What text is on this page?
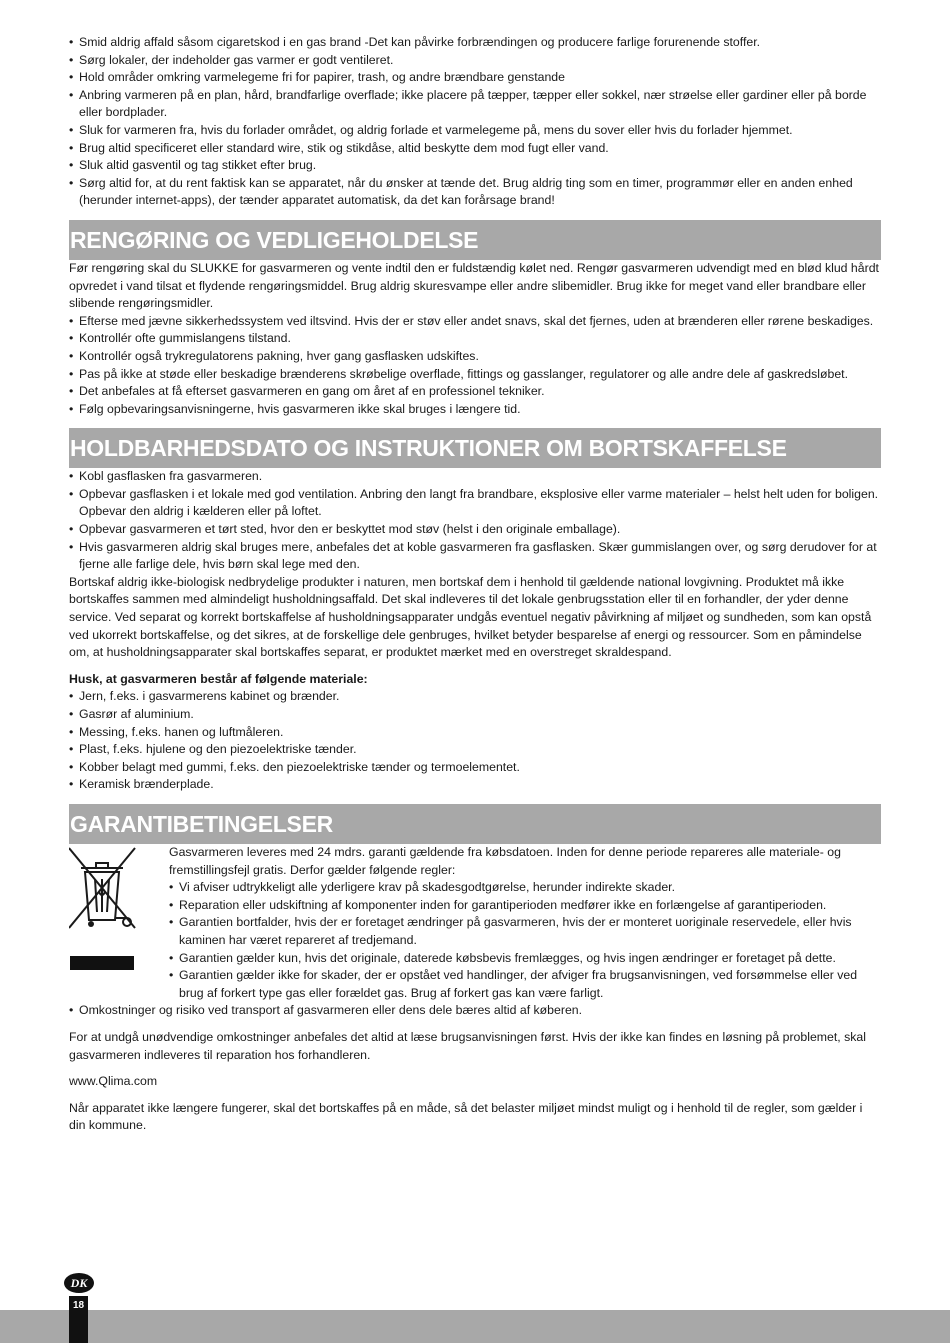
• Smid aldrig affald såsom cigaretskod i en gas brand -Det kan påvirke forbrændingen og producere farlige forurenende stoffer.
• Sørg lokaler, der indeholder gas varmer er godt ventileret.
• Hold områder omkring varmelegeme fri for papirer, trash, og andre brændbare genstande
• Anbring varmeren på en plan, hård, brandfarlige overflade; ikke placere på tæpper, tæpper eller sokkel, nær strøelse eller gardiner eller på borde eller bordplader.
• Sluk for varmeren fra, hvis du forlader området, og aldrig forlade et varmelegeme på, mens du sover eller hvis du forlader hjemmet.
• Brug altid specificeret eller standard wire, stik og stikdåse, altid beskytte dem mod fugt eller vand.
• Sluk altid gasventil og tag stikket efter brug.
• Sørg altid for, at du rent faktisk kan se apparatet, når du ønsker at tænde det. Brug aldrig ting som en timer, programmør eller en anden enhed (herunder internet-apps), der tænder apparatet automatisk, da det kan forårsage brand!
RENGØRING OG VEDLIGEHOLDELSE

Før rengøring skal du SLUKKE for gasvarmeren og vente indtil den er fuldstændig kølet ned. Rengør gasvarmeren udvendigt med en blød klud hårdt opvredet i vand tilsat et flydende rengøringsmiddel. Brug aldrig skuresvampe eller andre slibemidler. Brug ikke for meget vand eller brandbare eller slibende rengøringsmidler.

• Efterse med jævne sikkerhedssystem ved iltsvind. Hvis der er støv eller andet snavs, skal det fjernes, uden at brænderen eller rørene beskadiges.
• Kontrollér ofte gummislangens tilstand.
• Kontrollér også trykregulatorens pakning, hver gang gasflasken udskiftes.
• Pas på ikke at støde eller beskadige brænderens skrøbelige overflade, fittings og gasslanger, regulatorer og alle andre dele af gaskredsløbet.
• Det anbefales at få efterset gasvarmeren en gang om året af en professionel tekniker.
• Følg opbevaringsanvisningerne, hvis gasvarmeren ikke skal bruges i længere tid.
HOLDBARHEDSDATO OG INSTRUKTIONER OM BORTSKAFFELSE
• Kobl gasflasken fra gasvarmeren.
• Opbevar gasflasken i et lokale med god ventilation. Anbring den langt fra brandbare, eksplosive eller varme materialer – helst helt uden for boligen. Opbevar den aldrig i kælderen eller på loftet.
• Opbevar gasvarmeren et tørt sted, hvor den er beskyttet mod støv (helst i den originale emballage).
• Hvis gasvarmeren aldrig skal bruges mere, anbefales det at koble gasvarmeren fra gasflasken. Skær gummislangen over, og sørg derudover for at fjerne alle farlige dele, hvis børn skal lege med den.

Bortskaf aldrig ikke-biologisk nedbrydelige produkter i naturen, men bortskaf dem i henhold til gældende national lovgivning. Produktet må ikke bortskaffes sammen med almindeligt husholdningsaffald. Det skal indleveres til det lokale genbrugsstation eller til en forhandler, der yder denne service. Ved separat og korrekt bortskaffelse af husholdningsapparater undgås eventuel negativ påvirkning af miljøet og sundheden, som kan opstå ved ukorrekt bortskaffelse, og det sikres, at de forskellige dele genbruges, hvilket betyder besparelse af energi og ressourcer. Som en påmindelse om, at husholdningsapparater skal bortskaffes separat, er produktet mærket med en overstreget skraldespand.

Husk, at gasvarmeren består af følgende materiale:

• Jern, f.eks. i gasvarmerens kabinet og brænder.
• Gasrør af aluminium.
• Messing, f.eks. hanen og luftmåleren.
• Plast, f.eks. hjulene og den piezoelektriske tænder.
• Kobber belagt med gummi, f.eks. den piezoelektriske tænder og termoelementet.
• Keramisk brænderplade.
GARANTIBETINGELSER

Gasvarmeren leveres med 24 mdrs. garanti gældende fra købsdatoen. Inden for denne periode repareres alle materiale- og fremstillingsfejl gratis. Derfor gælder følgende regler:

• Vi afviser udtrykkeligt alle yderligere krav på skadesgodtgørelse, herunder indirekte skader.
• Reparation eller udskiftning af komponenter inden for garantiperioden medfører ikke en forlængelse af garantiperioden.
• Garantien bortfalder, hvis der er foretaget ændringer på gasvarmeren, hvis der er monteret uoriginale reservedele, eller hvis kaminen har været repareret af tredjemand.
• Garantien gælder kun, hvis det originale, daterede købsbevis fremlægges, og hvis ingen ændringer er foretaget på dette.
• Garantien gælder ikke for skader, der er opstået ved handlinger, der afviger fra brugsanvisningen, ved forsømmelse eller ved brug af forkert type gas eller forældet gas. Brug af forkert gas kan være farligt.
• Omkostninger og risiko ved transport af gasvarmeren eller dens dele bæres altid af køberen.

For at undgå unødvendige omkostninger anbefales det altid at læse brugsanvisningen først. Hvis der ikke kan findes en løsning på problemet, skal gasvarmeren indleveres til reparation hos forhandleren.

www.Qlima.com

Når apparatet ikke længere fungerer, skal det bortskaffes på en måde, så det belaster miljøet mindst muligt og i henhold til de regler, som gælder i din kommune.

DK
18
